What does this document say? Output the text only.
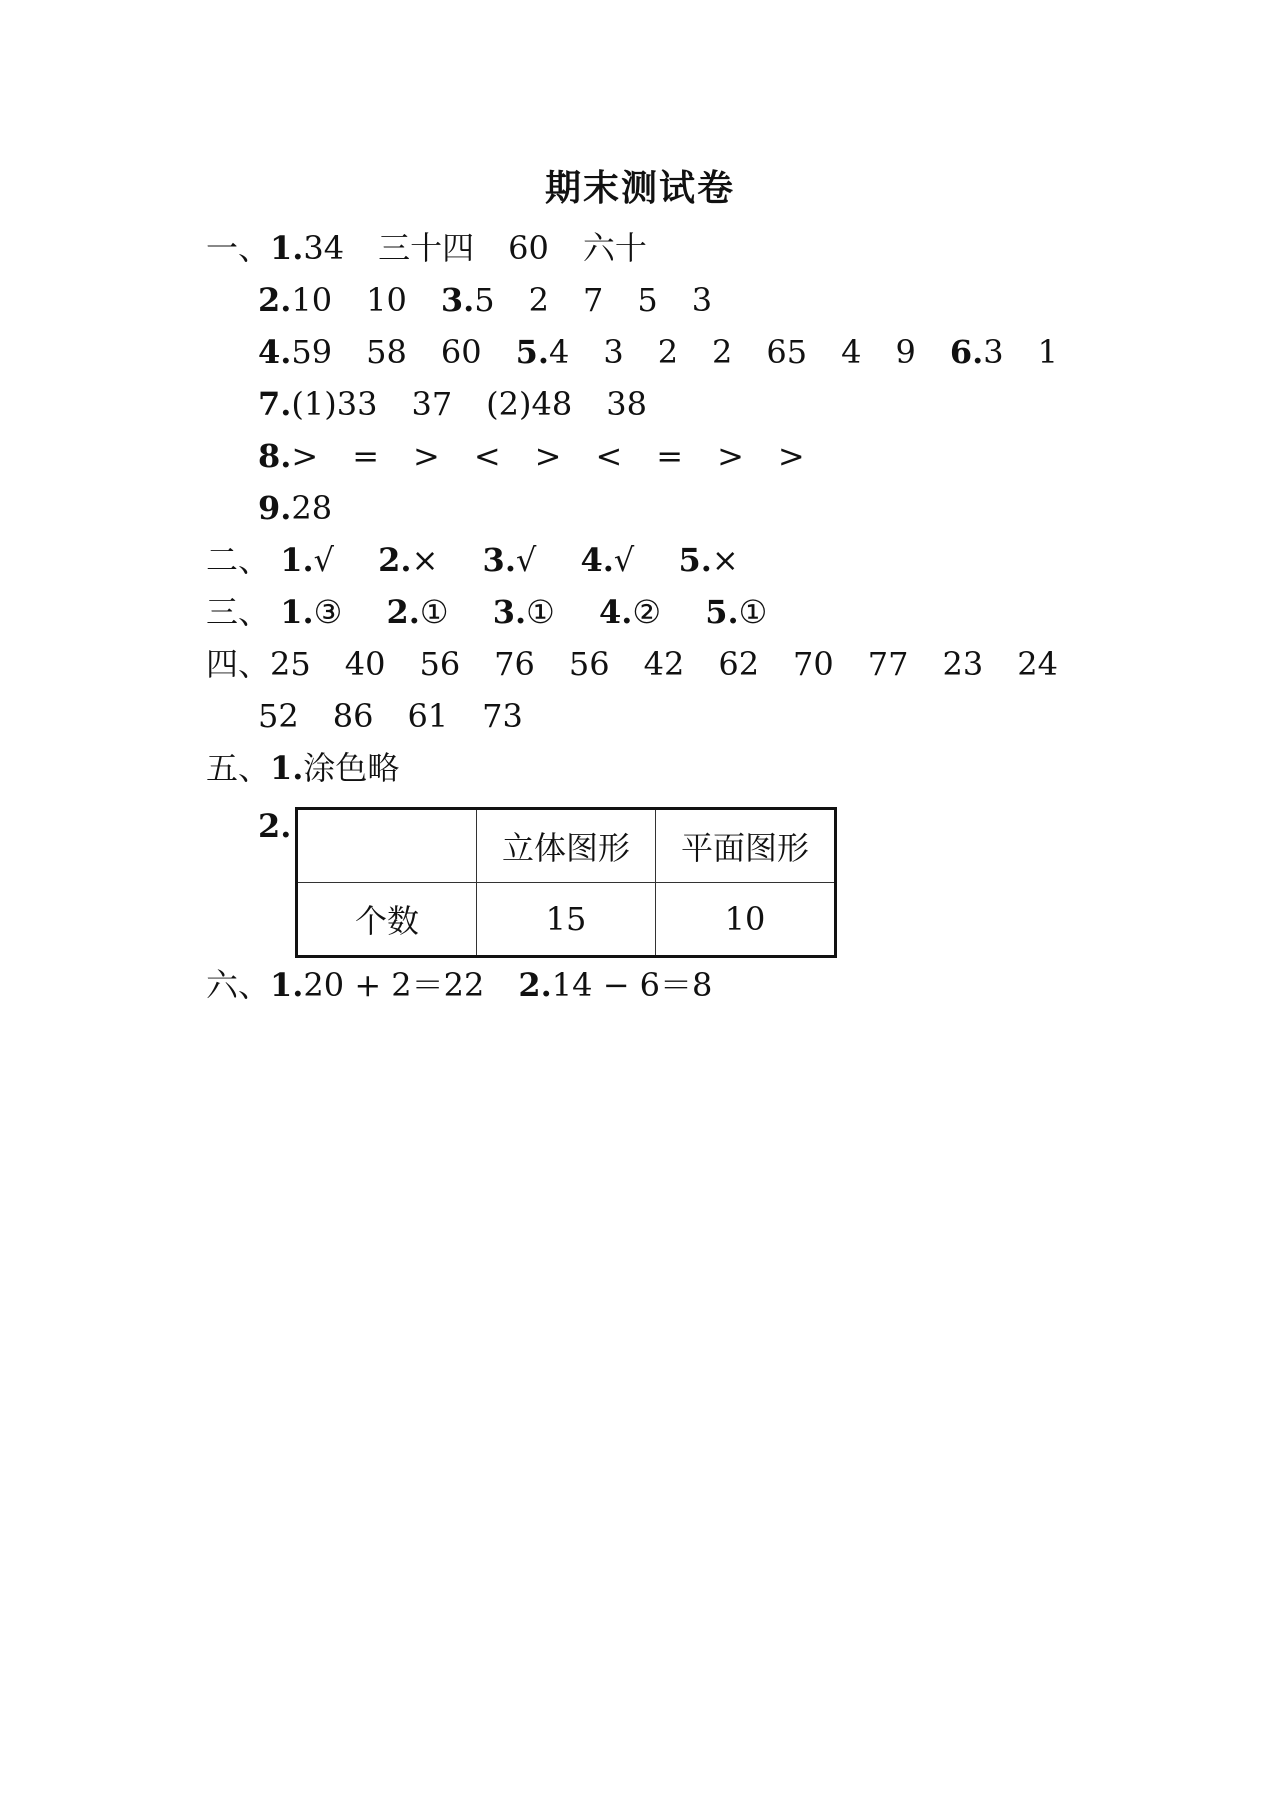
期末测试卷
一、1.34 三十四 60 六十
2.10 10 3.5 2 7 5 3
4.59 58 60 5.4 3 2 2 65 4 9 6.3 1
7.(1)33 37 (2)48 38
8.> = > < > < = > >
9.28
二、 1.√ 2.× 3.√ 4.√ 5.×
三、 1.③ 2.① 3.① 4.② 5.①
四、25 40 56 76 56 42 62 70 77 23 24
52 86 61 73
五、1.涂色略
2.
	立体图形	平面图形
个数	15	10
六、1.20 + 2＝22 2.14 − 6＝8
